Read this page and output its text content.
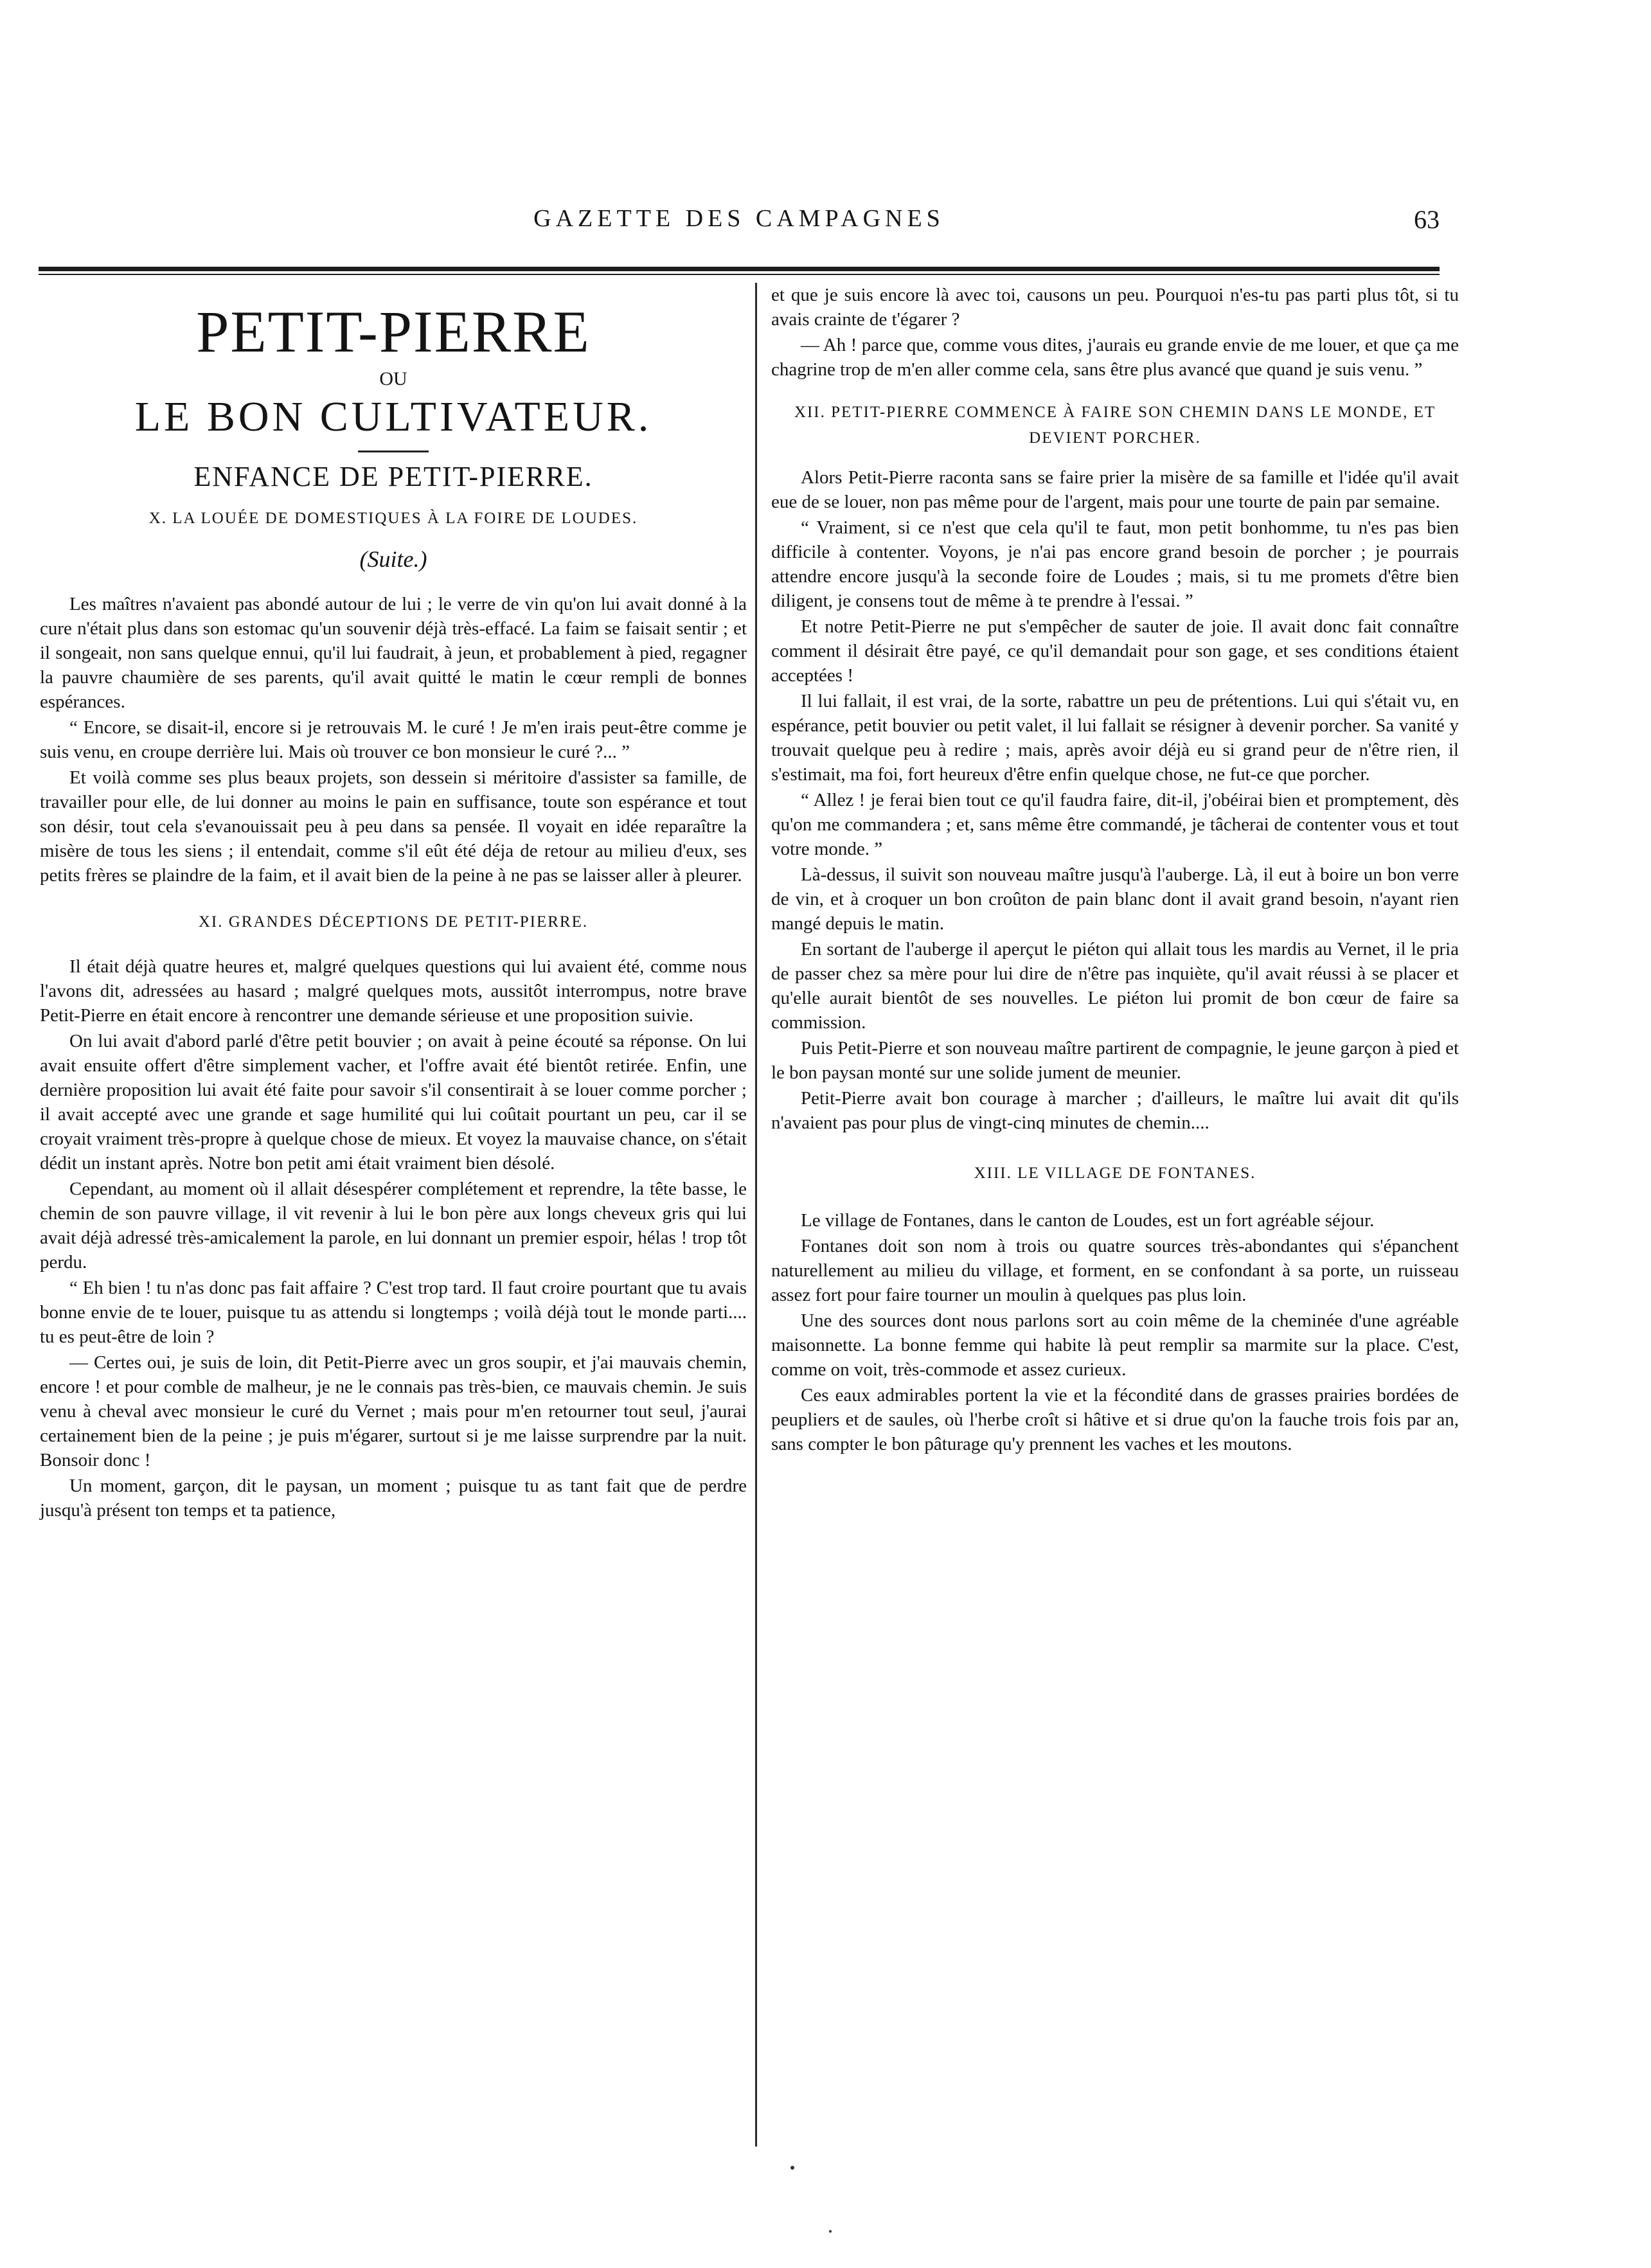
GAZETTE DES CAMPAGNES	63
PETIT-PIERRE
OU
LE BON CULTIVATEUR.
ENFANCE DE PETIT-PIERRE.
X. LA LOUÉE DE DOMESTIQUES À LA FOIRE DE LOUDES.
(Suite.)

Les maîtres n'avaient pas abondé autour de lui ; le verre de vin qu'on lui avait donné à la cure n'était plus dans son estomac qu'un souvenir déjà très-effacé. La faim se faisait sentir ; et il songeait, non sans quelque ennui, qu'il lui faudrait, à jeun, et probablement à pied, regagner la pauvre chaumière de ses parents, qu'il avait quitté le matin le cœur rempli de bonnes espérances.

“ Encore, se disait-il, encore si je retrouvais M. le curé ! Je m'en irais peut-être comme je suis venu, en croupe derrière lui. Mais où trouver ce bon monsieur le curé ?... ”

Et voilà comme ses plus beaux projets, son dessein si méritoire d'assister sa famille, de travailler pour elle, de lui donner au moins le pain en suffisance, toute son espérance et tout son désir, tout cela s'evanouissait peu à peu dans sa pensée. Il voyait en idée reparaître la misère de tous les siens ; il entendait, comme s'il eût été déja de retour au milieu d'eux, ses petits frères se plaindre de la faim, et il avait bien de la peine à ne pas se laisser aller à pleurer.

XI. GRANDES DÉCEPTIONS DE PETIT-PIERRE.

Il était déjà quatre heures et, malgré quelques questions qui lui avaient été, comme nous l'avons dit, adressées au hasard ; malgré quelques mots, aussitôt interrompus, notre brave Petit-Pierre en était encore à rencontrer une demande sérieuse et une proposition suivie.

On lui avait d'abord parlé d'être petit bouvier ; on avait à peine écouté sa réponse. On lui avait ensuite offert d'être simplement vacher, et l'offre avait été bientôt retirée. Enfin, une dernière proposition lui avait été faite pour savoir s'il consentirait à se louer comme porcher ; il avait accepté avec une grande et sage humilité qui lui coûtait pourtant un peu, car il se croyait vraiment très-propre à quelque chose de mieux. Et voyez la mauvaise chance, on s'était dédit un instant après. Notre bon petit ami était vraiment bien désolé.

Cependant, au moment où il allait désespérer complétement et reprendre, la tête basse, le chemin de son pauvre village, il vit revenir à lui le bon père aux longs cheveux gris qui lui avait déjà adressé très-amicalement la parole, en lui donnant un premier espoir, hélas ! trop tôt perdu.

“ Eh bien ! tu n'as donc pas fait affaire ? C'est trop tard. Il faut croire pourtant que tu avais bonne envie de te louer, puisque tu as attendu si longtemps ; voilà déjà tout le monde parti.... tu es peut-être de loin ?

— Certes oui, je suis de loin, dit Petit-Pierre avec un gros soupir, et j'ai mauvais chemin, encore ! et pour comble de malheur, je ne le connais pas très-bien, ce mauvais chemin. Je suis venu à cheval avec monsieur le curé du Vernet ; mais pour m'en retourner tout seul, j'aurai certainement bien de la peine ; je puis m'égarer, surtout si je me laisse surprendre par la nuit. Bonsoir donc !

Un moment, garçon, dit le paysan, un moment ; puisque tu as tant fait que de perdre jusqu'à présent ton temps et ta patience,

et que je suis encore là avec toi, causons un peu. Pourquoi n'es-tu pas parti plus tôt, si tu avais crainte de t'égarer ?

— Ah ! parce que, comme vous dites, j'aurais eu grande envie de me louer, et que ça me chagrine trop de m'en aller comme cela, sans être plus avancé que quand je suis venu. ”

XII. PETIT-PIERRE COMMENCE À FAIRE SON CHEMIN DANS LE MONDE, ET DEVIENT PORCHER.

Alors Petit-Pierre raconta sans se faire prier la misère de sa famille et l'idée qu'il avait eue de se louer, non pas même pour de l'argent, mais pour une tourte de pain par semaine.

“ Vraiment, si ce n'est que cela qu'il te faut, mon petit bonhomme, tu n'es pas bien difficile à contenter. Voyons, je n'ai pas encore grand besoin de porcher ; je pourrais attendre encore jusqu'à la seconde foire de Loudes ; mais, si tu me promets d'être bien diligent, je consens tout de même à te prendre à l'essai. ”

Et notre Petit-Pierre ne put s'empêcher de sauter de joie. Il avait donc fait connaître comment il désirait être payé, ce qu'il demandait pour son gage, et ses conditions étaient acceptées !

Il lui fallait, il est vrai, de la sorte, rabattre un peu de prétentions. Lui qui s'était vu, en espérance, petit bouvier ou petit valet, il lui fallait se résigner à devenir porcher. Sa vanité y trouvait quelque peu à redire ; mais, après avoir déjà eu si grand peur de n'être rien, il s'estimait, ma foi, fort heureux d'être enfin quelque chose, ne fut-ce que porcher.

“ Allez ! je ferai bien tout ce qu'il faudra faire, dit-il, j'obéirai bien et promptement, dès qu'on me commandera ; et, sans même être commandé, je tâcherai de contenter vous et tout votre monde. ”

Là-dessus, il suivit son nouveau maître jusqu'à l'auberge. Là, il eut à boire un bon verre de vin, et à croquer un bon croûton de pain blanc dont il avait grand besoin, n'ayant rien mangé depuis le matin.

En sortant de l'auberge il aperçut le piéton qui allait tous les mardis au Vernet, il le pria de passer chez sa mère pour lui dire de n'être pas inquiète, qu'il avait réussi à se placer et qu'elle aurait bientôt de ses nouvelles. Le piéton lui promit de bon cœur de faire sa commission.

Puis Petit-Pierre et son nouveau maître partirent de compagnie, le jeune garçon à pied et le bon paysan monté sur une solide jument de meunier.

Petit-Pierre avait bon courage à marcher ; d'ailleurs, le maître lui avait dit qu'ils n'avaient pas pour plus de vingt-cinq minutes de chemin....

XIII. LE VILLAGE DE FONTANES.

Le village de Fontanes, dans le canton de Loudes, est un fort agréable séjour.

Fontanes doit son nom à trois ou quatre sources très-abondantes qui s'épanchent naturellement au milieu du village, et forment, en se confondant à sa porte, un ruisseau assez fort pour faire tourner un moulin à quelques pas plus loin.

Une des sources dont nous parlons sort au coin même de la cheminée d'une agréable maisonnette. La bonne femme qui habite là peut remplir sa marmite sur la place. C'est, comme on voit, très-commode et assez curieux.

Ces eaux admirables portent la vie et la fécondité dans de grasses prairies bordées de peupliers et de saules, où l'herbe croît si hâtive et si drue qu'on la fauche trois fois par an, sans compter le bon pâturage qu'y prennent les vaches et les moutons.
